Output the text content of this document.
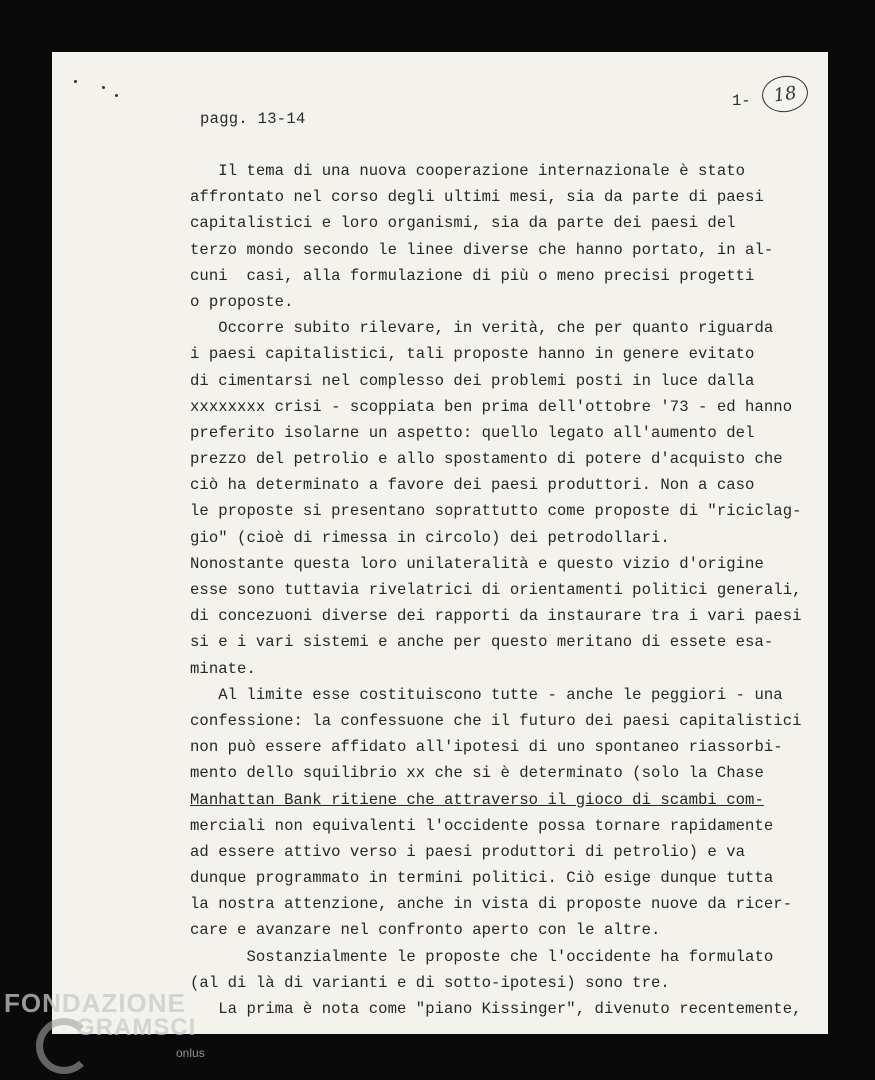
pagg. 13-14
1-	18
Il tema di una nuova cooperazione internazionale è stato
affrontato nel corso degli ultimi mesi, sia da parte di paesi
capitalistici e loro organismi, sia da parte dei paesi del
terzo mondo secondo le linee diverse che hanno portato, in al-
cuni  casi, alla formulazione di più o meno precisi progetti
o proposte.
Occorre subito rilevare, in verità, che per quanto riguarda
i paesi capitalistici, tali proposte hanno in genere evitato
di cimentarsi nel complesso dei problemi posti in luce dalla
xxxxxxxx crisi - scoppiata ben prima dell'ottobre '73 - ed hanno
preferito isolarne un aspetto: quello legato all'aumento del
prezzo del petrolio e allo spostamento di potere d'acquisto che
ciò ha determinato a favore dei paesi produttori. Non a caso
le proposte si presentano soprattutto come proposte di "riciclag-
gio" (cioè di rimessa in circolo) dei petrodollari.
Nonostante questa loro unilateralità e questo vizio d'origine
esse sono tuttavia rivelatrici di orientamenti politici generali,
di concezuoni diverse dei rapporti da instaurare tra i vari paesi
si e i vari sistemi e anche per questo meritano di essete esa-
minate.
Al limite esse costituiscono tutte - anche le peggiori - una
confessione: la confessuone che il futuro dei paesi capitalistici
non può essere affidato all'ipotesi di uno spontaneo riassorbi-
mento dello squilibrio xx che si è determinato (solo la Chase
Manhattan Bank ritiene che attraverso il gioco di scambi com-
merciali non equivalenti l'occidente possa tornare rapidamente
ad essere attivo verso i paesi produttori di petrolio) e va
dunque programmato in termini politici. Ciò esige dunque tutta
la nostra attenzione, anche in vista di proposte nuove da ricer-
care e avanzare nel confronto aperto con le altre.
Sostanzialmente le proposte che l'occidente ha formulato
(al di là di varianti e di sotto-ipotesi) sono tre.
La prima è nota come "piano Kissinger", divenuto recentemente,
FONDAZIONE
GRAMSCI
onlus
